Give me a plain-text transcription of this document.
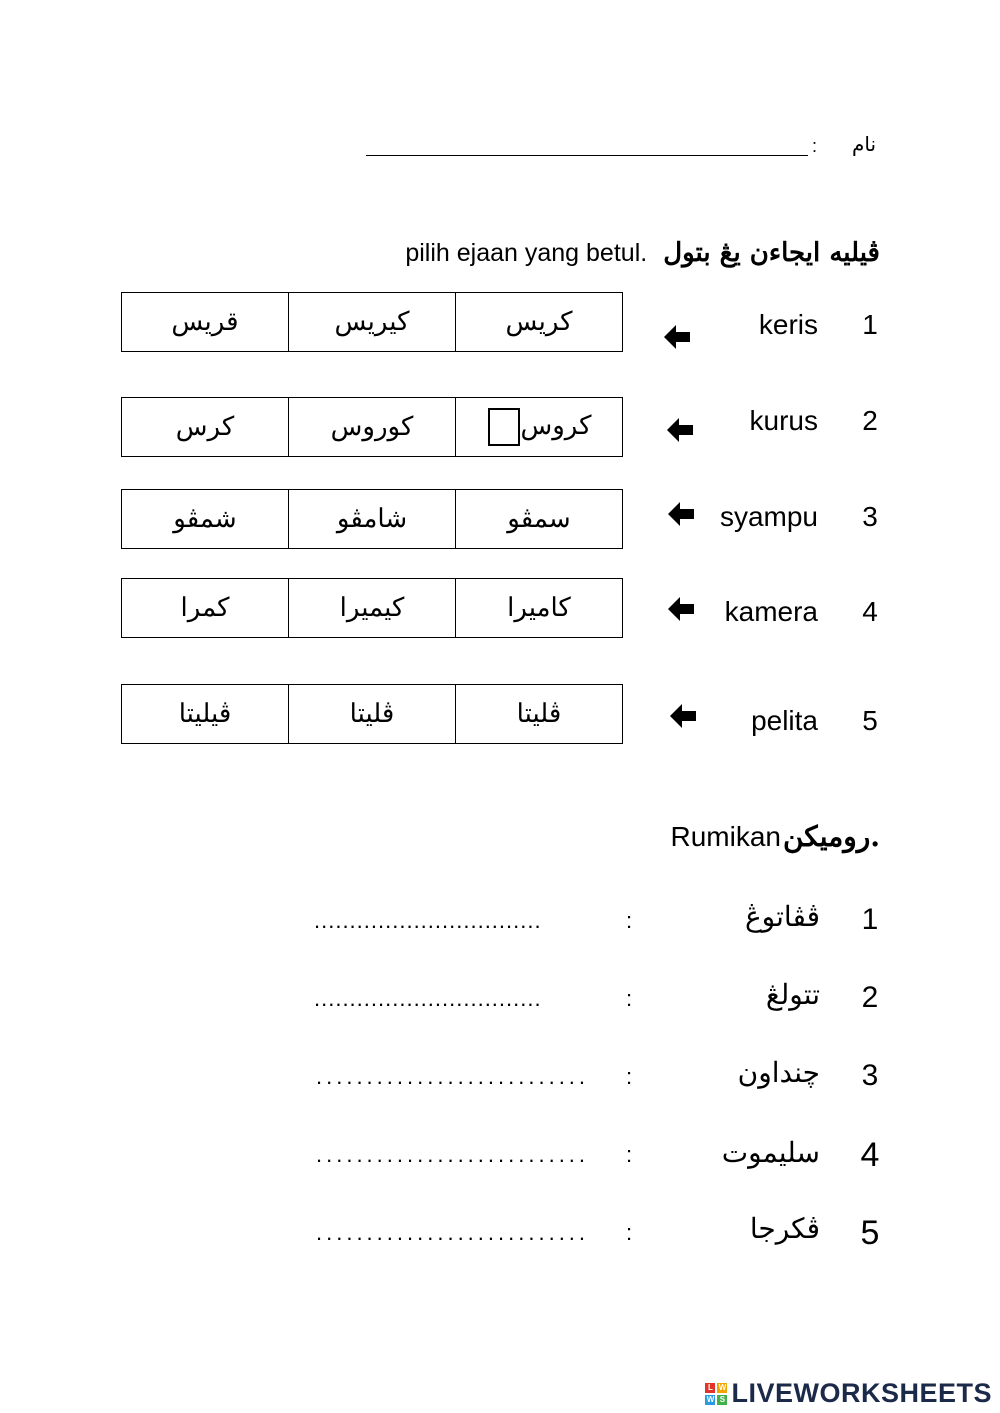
نام
:
pilih ejaan yang betul. ڤيليه ايجاءن يڠ بتول
قريس	كيريس	كريس	keris 1
كرس	كوروس	كروس	kurus 2
شمڤو	شامڤو	سمڤو	syampu 3
كمرا	كيميرا	كاميرا	kamera 4
ڤيليتا	ڤليتا	ڤليتا	pelita 5
Rumikan روميكن.
1
ڤڤاتوڠ
:
................................
2
تتولڠ
:
................................
3
چنداون
:
...........................
4
سليموت
:
...........................
5
ڤكرجا
:
...........................
L W
W S LIVEWORKSHEETS
